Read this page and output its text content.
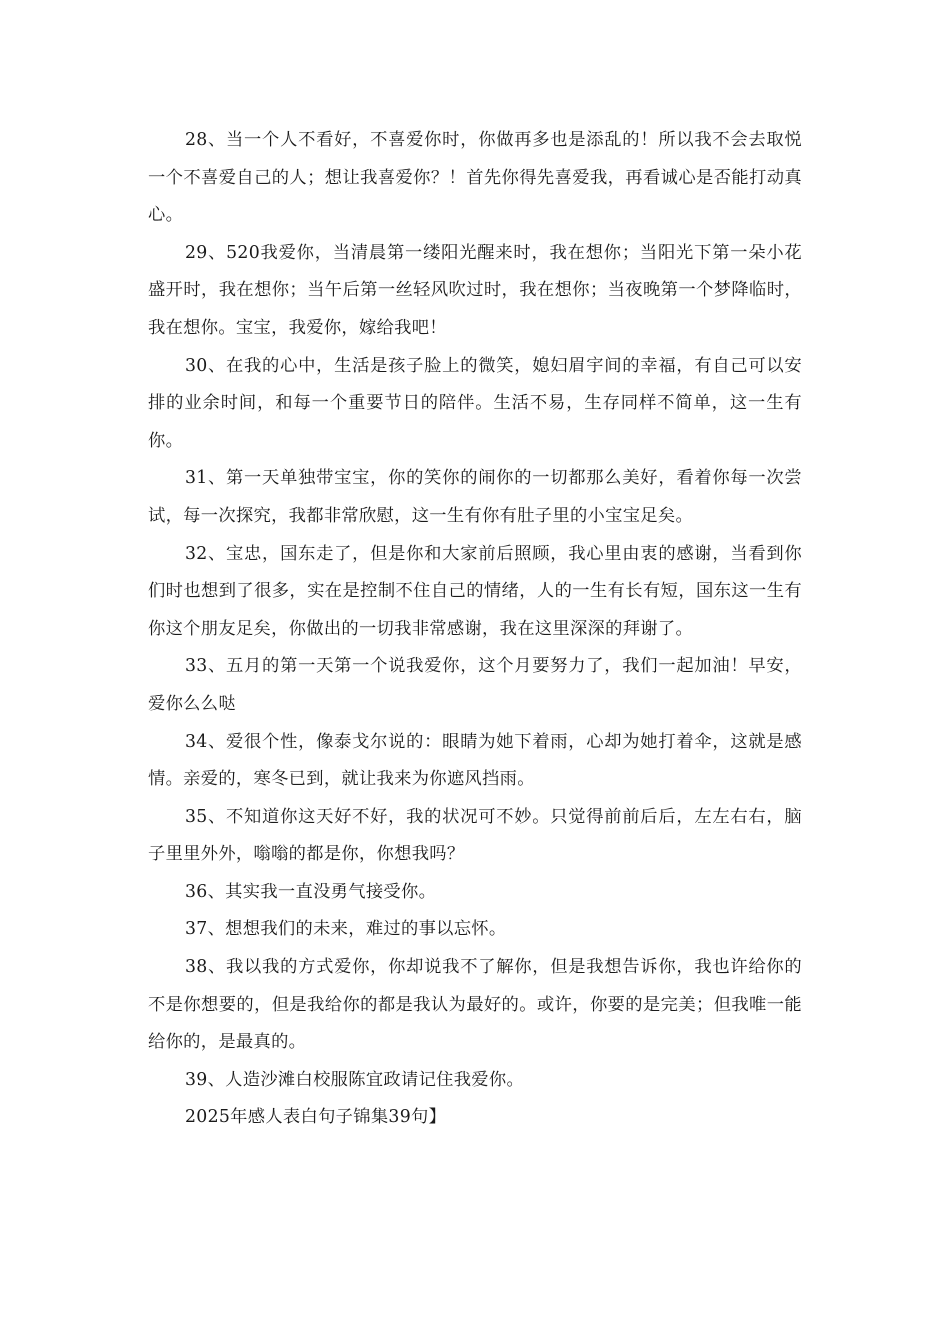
28、当一个人不看好，不喜爱你时，你做再多也是添乱的！所以我不会去取悦一个不喜爱自己的人；想让我喜爱你？！首先你得先喜爱我，再看诚心是否能打动真心。

29、520我爱你，当清晨第一缕阳光醒来时，我在想你；当阳光下第一朵小花盛开时，我在想你；当午后第一丝轻风吹过时，我在想你；当夜晚第一个梦降临时，我在想你。宝宝，我爱你，嫁给我吧！

30、在我的心中，生活是孩子脸上的微笑，媳妇眉宇间的幸福，有自己可以安排的业余时间，和每一个重要节日的陪伴。生活不易，生存同样不简单，这一生有你。

31、第一天单独带宝宝，你的笑你的闹你的一切都那么美好，看着你每一次尝试，每一次探究，我都非常欣慰，这一生有你有肚子里的小宝宝足矣。

32、宝忠，国东走了，但是你和大家前后照顾，我心里由衷的感谢，当看到你们时也想到了很多，实在是控制不住自己的情绪，人的一生有长有短，国东这一生有你这个朋友足矣，你做出的一切我非常感谢，我在这里深深的拜谢了。

33、五月的第一天第一个说我爱你，这个月要努力了，我们一起加油！早安，爱你么么哒

34、爱很个性，像泰戈尔说的：眼睛为她下着雨，心却为她打着伞，这就是感情。亲爱的，寒冬已到，就让我来为你遮风挡雨。

35、不知道你这天好不好，我的状况可不妙。只觉得前前后后，左左右右，脑子里里外外，嗡嗡的都是你，你想我吗？

36、其实我一直没勇气接受你。

37、想想我们的未来，难过的事以忘怀。

38、我以我的方式爱你，你却说我不了解你，但是我想告诉你，我也许给你的不是你想要的，但是我给你的都是我认为最好的。或许，你要的是完美；但我唯一能给你的，是最真的。

39、人造沙滩白校服陈宜政请记住我爱你。

2025年感人表白句子锦集39句】
